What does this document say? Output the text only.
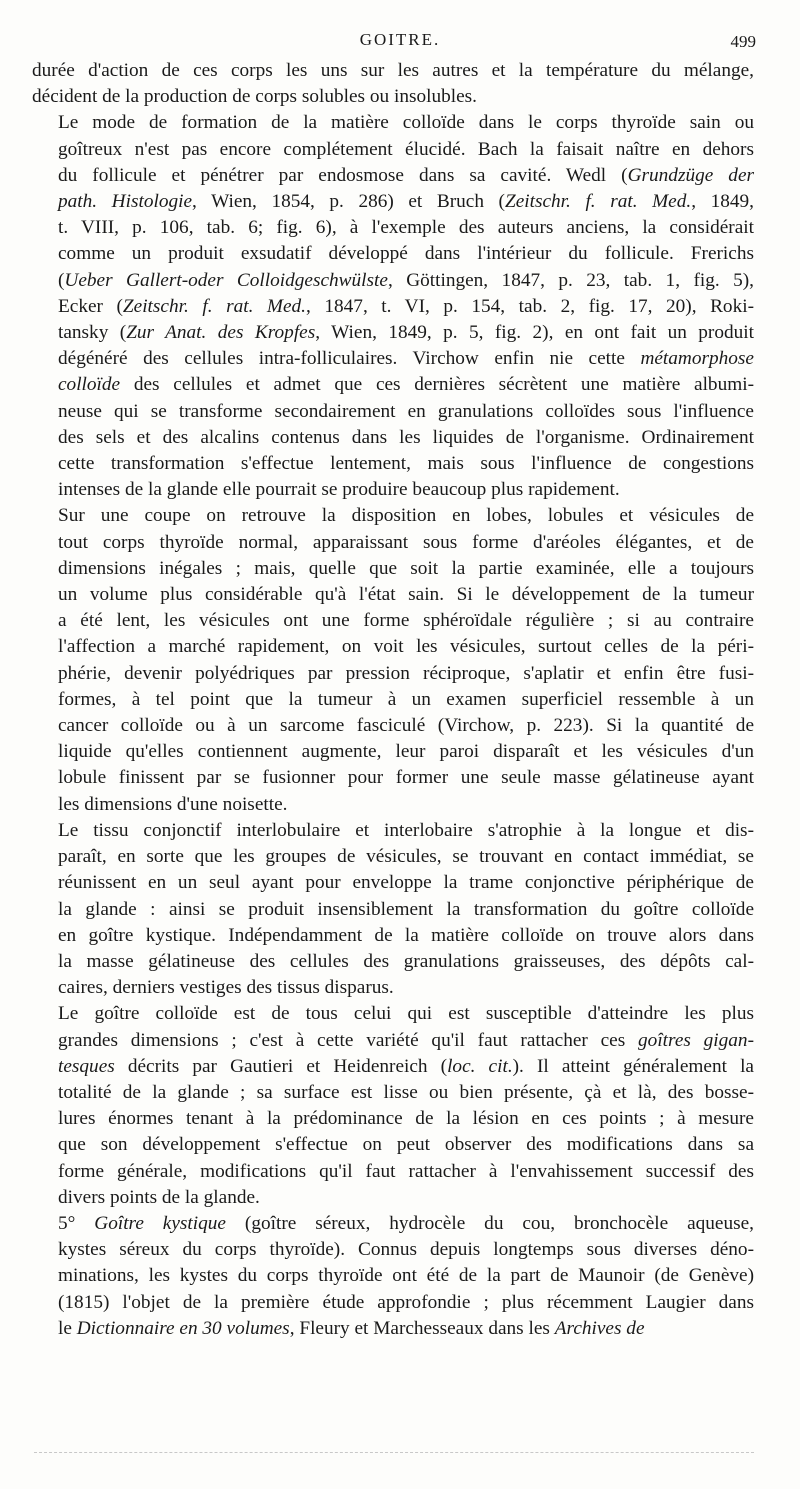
GOITRE.	499
durée d'action de ces corps les uns sur les autres et la température du mélange,
décident de la production de corps solubles ou insolubles.
Le mode de formation de la matière colloïde dans le corps thyroïde sain ou
goîtreux n'est pas encore complétement élucidé. Bach la faisait naître en dehors
du follicule et pénétrer par endosmose dans sa cavité. Wedl (Grundzüge der
path. Histologie, Wien, 1854, p. 286) et Bruch (Zeitschr. f. rat. Med., 1849,
t. VIII, p. 106, tab. 6; fig. 6), à l'exemple des auteurs anciens, la considérait
comme un produit exsudatif développé dans l'intérieur du follicule. Frerichs
(Ueber Gallert-oder Colloidgeschwülste, Göttingen, 1847, p. 23, tab. 1, fig. 5),
Ecker (Zeitschr. f. rat. Med., 1847, t. VI, p. 154, tab. 2, fig. 17, 20), Roki-
tansky (Zur Anat. des Kropfes, Wien, 1849, p. 5, fig. 2), en ont fait un produit
dégénéré des cellules intra-folliculaires. Virchow enfin nie cette métamorphose
colloïde des cellules et admet que ces dernières sécrètent une matière albumi-
neuse qui se transforme secondairement en granulations colloïdes sous l'influence
des sels et des alcalins contenus dans les liquides de l'organisme. Ordinairement
cette transformation s'effectue lentement, mais sous l'influence de congestions
intenses de la glande elle pourrait se produire beaucoup plus rapidement.
Sur une coupe on retrouve la disposition en lobes, lobules et vésicules de
tout corps thyroïde normal, apparaissant sous forme d'aréoles élégantes, et de
dimensions inégales ; mais, quelle que soit la partie examinée, elle a toujours
un volume plus considérable qu'à l'état sain. Si le développement de la tumeur
a été lent, les vésicules ont une forme sphéroïdale régulière ; si au contraire
l'affection a marché rapidement, on voit les vésicules, surtout celles de la péri-
phérie, devenir polyédriques par pression réciproque, s'aplatir et enfin être fusi-
formes, à tel point que la tumeur à un examen superficiel ressemble à un
cancer colloïde ou à un sarcome fasciculé (Virchow, p. 223). Si la quantité de
liquide qu'elles contiennent augmente, leur paroi disparaît et les vésicules d'un
lobule finissent par se fusionner pour former une seule masse gélatineuse ayant
les dimensions d'une noisette.
Le tissu conjonctif interlobulaire et interlobaire s'atrophie à la longue et dis-
paraît, en sorte que les groupes de vésicules, se trouvant en contact immédiat, se
réunissent en un seul ayant pour enveloppe la trame conjonctive périphérique de
la glande : ainsi se produit insensiblement la transformation du goître colloïde
en goître kystique. Indépendamment de la matière colloïde on trouve alors dans
la masse gélatineuse des cellules des granulations graisseuses, des dépôts cal-
caires, derniers vestiges des tissus disparus.
Le goître colloïde est de tous celui qui est susceptible d'atteindre les plus
grandes dimensions ; c'est à cette variété qu'il faut rattacher ces goîtres gigan-
tesques décrits par Gautieri et Heidenreich (loc. cit.). Il atteint généralement la
totalité de la glande ; sa surface est lisse ou bien présente, çà et là, des bosse-
lures énormes tenant à la prédominance de la lésion en ces points ; à mesure
que son développement s'effectue on peut observer des modifications dans sa
forme générale, modifications qu'il faut rattacher à l'envahissement successif des
divers points de la glande.
5° Goître kystique (goître séreux, hydrocèle du cou, bronchocèle aqueuse,
kystes séreux du corps thyroïde). Connus depuis longtemps sous diverses déno-
minations, les kystes du corps thyroïde ont été de la part de Maunoir (de Genève)
(1815) l'objet de la première étude approfondie ; plus récemment Laugier dans
le Dictionnaire en 30 volumes, Fleury et Marchesseaux dans les Archives de
